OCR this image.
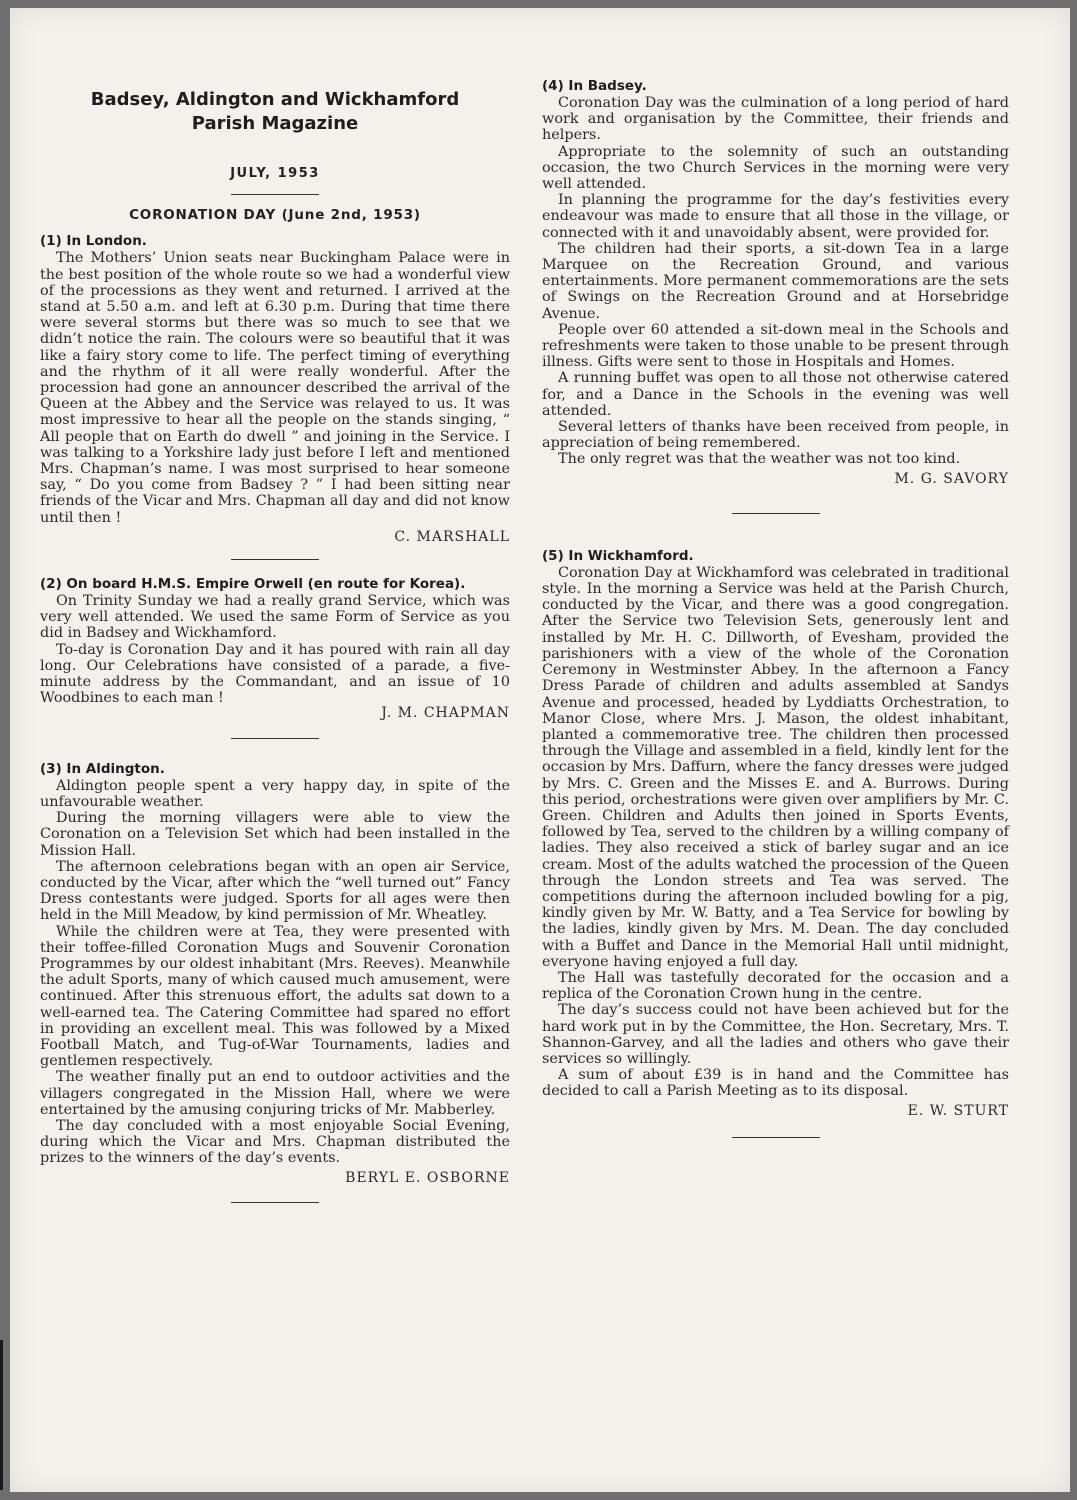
Badsey, Aldington and Wickhamford
Parish Magazine
JULY, 1953
CORONATION DAY (June 2nd, 1953)
(1) In London.

The Mothers’ Union seats near Buckingham Palace were in the best position of the whole route so we had a wonderful view of the processions as they went and returned. I arrived at the stand at 5.50 a.m. and left at 6.30 p.m. During that time there were several storms but there was so much to see that we didn’t notice the rain. The colours were so beautiful that it was like a fairy story come to life. The perfect timing of everything and the rhythm of it all were really wonderful. After the procession had gone an announcer described the arrival of the Queen at the Abbey and the Service was relayed to us. It was most impressive to hear all the people on the stands singing, “ All people that on Earth do dwell ” and joining in the Service. I was talking to a Yorkshire lady just before I left and mentioned Mrs. Chapman’s name. I was most surprised to hear someone say, “ Do you come from Badsey ? ” I had been sitting near friends of the Vicar and Mrs. Chapman all day and did not know until then !

C. MARSHALL
(2) On board H.M.S. Empire Orwell (en route for Korea).

On Trinity Sunday we had a really grand Service, which was very well attended. We used the same Form of Service as you did in Badsey and Wickhamford.

To-day is Coronation Day and it has poured with rain all day long. Our Celebrations have consisted of a parade, a five-minute address by the Commandant, and an issue of 10 Woodbines to each man !

J. M. CHAPMAN
(3) In Aldington.

Aldington people spent a very happy day, in spite of the unfavourable weather.

During the morning villagers were able to view the Coronation on a Television Set which had been installed in the Mission Hall.

The afternoon celebrations began with an open air Service, conducted by the Vicar, after which the “well turned out” Fancy Dress contestants were judged. Sports for all ages were then held in the Mill Meadow, by kind permission of Mr. Wheatley.

While the children were at Tea, they were presented with their toffee-filled Coronation Mugs and Souvenir Coronation Programmes by our oldest inhabitant (Mrs. Reeves). Meanwhile the adult Sports, many of which caused much amusement, were continued. After this strenuous effort, the adults sat down to a well-earned tea. The Catering Committee had spared no effort in providing an excellent meal. This was followed by a Mixed Football Match, and Tug-of-War Tournaments, ladies and gentlemen respectively.

The weather finally put an end to outdoor activities and the villagers congregated in the Mission Hall, where we were entertained by the amusing conjuring tricks of Mr. Mabberley.

The day concluded with a most enjoyable Social Evening, during which the Vicar and Mrs. Chapman distributed the prizes to the winners of the day’s events.

BERYL E. OSBORNE
(4) In Badsey.

Coronation Day was the culmination of a long period of hard work and organisation by the Committee, their friends and helpers.

Appropriate to the solemnity of such an outstanding occasion, the two Church Services in the morning were very well attended.

In planning the programme for the day’s festivities every endeavour was made to ensure that all those in the village, or connected with it and unavoidably absent, were provided for.

The children had their sports, a sit-down Tea in a large Marquee on the Recreation Ground, and various entertainments. More permanent commemorations are the sets of Swings on the Recreation Ground and at Horsebridge Avenue.

People over 60 attended a sit-down meal in the Schools and refreshments were taken to those unable to be present through illness. Gifts were sent to those in Hospitals and Homes.

A running buffet was open to all those not otherwise catered for, and a Dance in the Schools in the evening was well attended.

Several letters of thanks have been received from people, in appreciation of being remembered.

The only regret was that the weather was not too kind.

M. G. SAVORY
(5) In Wickhamford.

Coronation Day at Wickhamford was celebrated in traditional style. In the morning a Service was held at the Parish Church, conducted by the Vicar, and there was a good congregation. After the Service two Television Sets, generously lent and installed by Mr. H. C. Dillworth, of Evesham, provided the parishioners with a view of the whole of the Coronation Ceremony in Westminster Abbey. In the afternoon a Fancy Dress Parade of children and adults assembled at Sandys Avenue and processed, headed by Lyddiatts Orchestration, to Manor Close, where Mrs. J. Mason, the oldest inhabitant, planted a commemorative tree. The children then processed through the Village and assembled in a field, kindly lent for the occasion by Mrs. Daffurn, where the fancy dresses were judged by Mrs. C. Green and the Misses E. and A. Burrows. During this period, orchestrations were given over amplifiers by Mr. C. Green. Children and Adults then joined in Sports Events, followed by Tea, served to the children by a willing company of ladies. They also received a stick of barley sugar and an ice cream. Most of the adults watched the procession of the Queen through the London streets and Tea was served. The competitions during the afternoon included bowling for a pig, kindly given by Mr. W. Batty, and a Tea Service for bowling by the ladies, kindly given by Mrs. M. Dean. The day concluded with a Buffet and Dance in the Memorial Hall until midnight, everyone having enjoyed a full day.

The Hall was tastefully decorated for the occasion and a replica of the Coronation Crown hung in the centre.

The day’s success could not have been achieved but for the hard work put in by the Committee, the Hon. Secretary, Mrs. T. Shannon-Garvey, and all the ladies and others who gave their services so willingly.

A sum of about £39 is in hand and the Committee has decided to call a Parish Meeting as to its disposal.

E. W. STURT
